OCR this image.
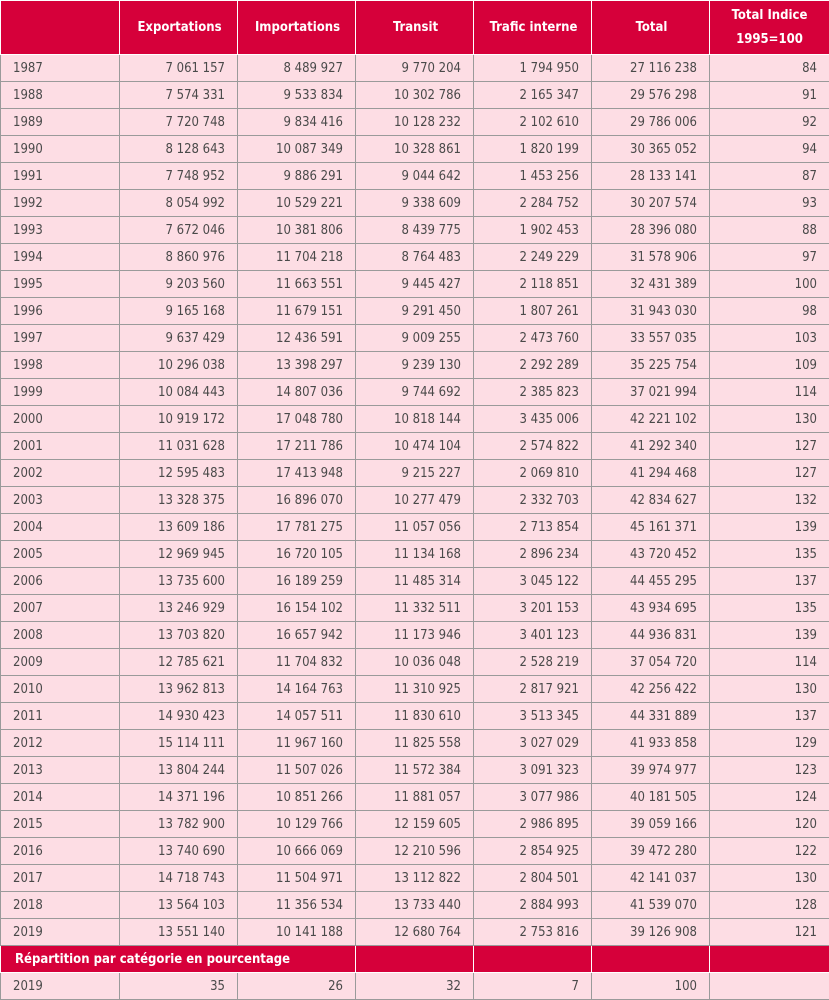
	Exportations	Importations	Transit	Trafic interne	Total	Total Indice 1995=100
1987	7 061 157	8 489 927	9 770 204	1 794 950	27 116 238	84
1988	7 574 331	9 533 834	10 302 786	2 165 347	29 576 298	91
1989	7 720 748	9 834 416	10 128 232	2 102 610	29 786 006	92
1990	8 128 643	10 087 349	10 328 861	1 820 199	30 365 052	94
1991	7 748 952	9 886 291	9 044 642	1 453 256	28 133 141	87
1992	8 054 992	10 529 221	9 338 609	2 284 752	30 207 574	93
1993	7 672 046	10 381 806	8 439 775	1 902 453	28 396 080	88
1994	8 860 976	11 704 218	8 764 483	2 249 229	31 578 906	97
1995	9 203 560	11 663 551	9 445 427	2 118 851	32 431 389	100
1996	9 165 168	11 679 151	9 291 450	1 807 261	31 943 030	98
1997	9 637 429	12 436 591	9 009 255	2 473 760	33 557 035	103
1998	10 296 038	13 398 297	9 239 130	2 292 289	35 225 754	109
1999	10 084 443	14 807 036	9 744 692	2 385 823	37 021 994	114
2000	10 919 172	17 048 780	10 818 144	3 435 006	42 221 102	130
2001	11 031 628	17 211 786	10 474 104	2 574 822	41 292 340	127
2002	12 595 483	17 413 948	9 215 227	2 069 810	41 294 468	127
2003	13 328 375	16 896 070	10 277 479	2 332 703	42 834 627	132
2004	13 609 186	17 781 275	11 057 056	2 713 854	45 161 371	139
2005	12 969 945	16 720 105	11 134 168	2 896 234	43 720 452	135
2006	13 735 600	16 189 259	11 485 314	3 045 122	44 455 295	137
2007	13 246 929	16 154 102	11 332 511	3 201 153	43 934 695	135
2008	13 703 820	16 657 942	11 173 946	3 401 123	44 936 831	139
2009	12 785 621	11 704 832	10 036 048	2 528 219	37 054 720	114
2010	13 962 813	14 164 763	11 310 925	2 817 921	42 256 422	130
2011	14 930 423	14 057 511	11 830 610	3 513 345	44 331 889	137
2012	15 114 111	11 967 160	11 825 558	3 027 029	41 933 858	129
2013	13 804 244	11 507 026	11 572 384	3 091 323	39 974 977	123
2014	14 371 196	10 851 266	11 881 057	3 077 986	40 181 505	124
2015	13 782 900	10 129 766	12 159 605	2 986 895	39 059 166	120
2016	13 740 690	10 666 069	12 210 596	2 854 925	39 472 280	122
2017	14 718 743	11 504 971	13 112 822	2 804 501	42 141 037	130
2018	13 564 103	11 356 534	13 733 440	2 884 993	41 539 070	128
2019	13 551 140	10 141 188	12 680 764	2 753 816	39 126 908	121
Répartition par catégorie en pourcentage						
2019	35	26	32	7	100	
